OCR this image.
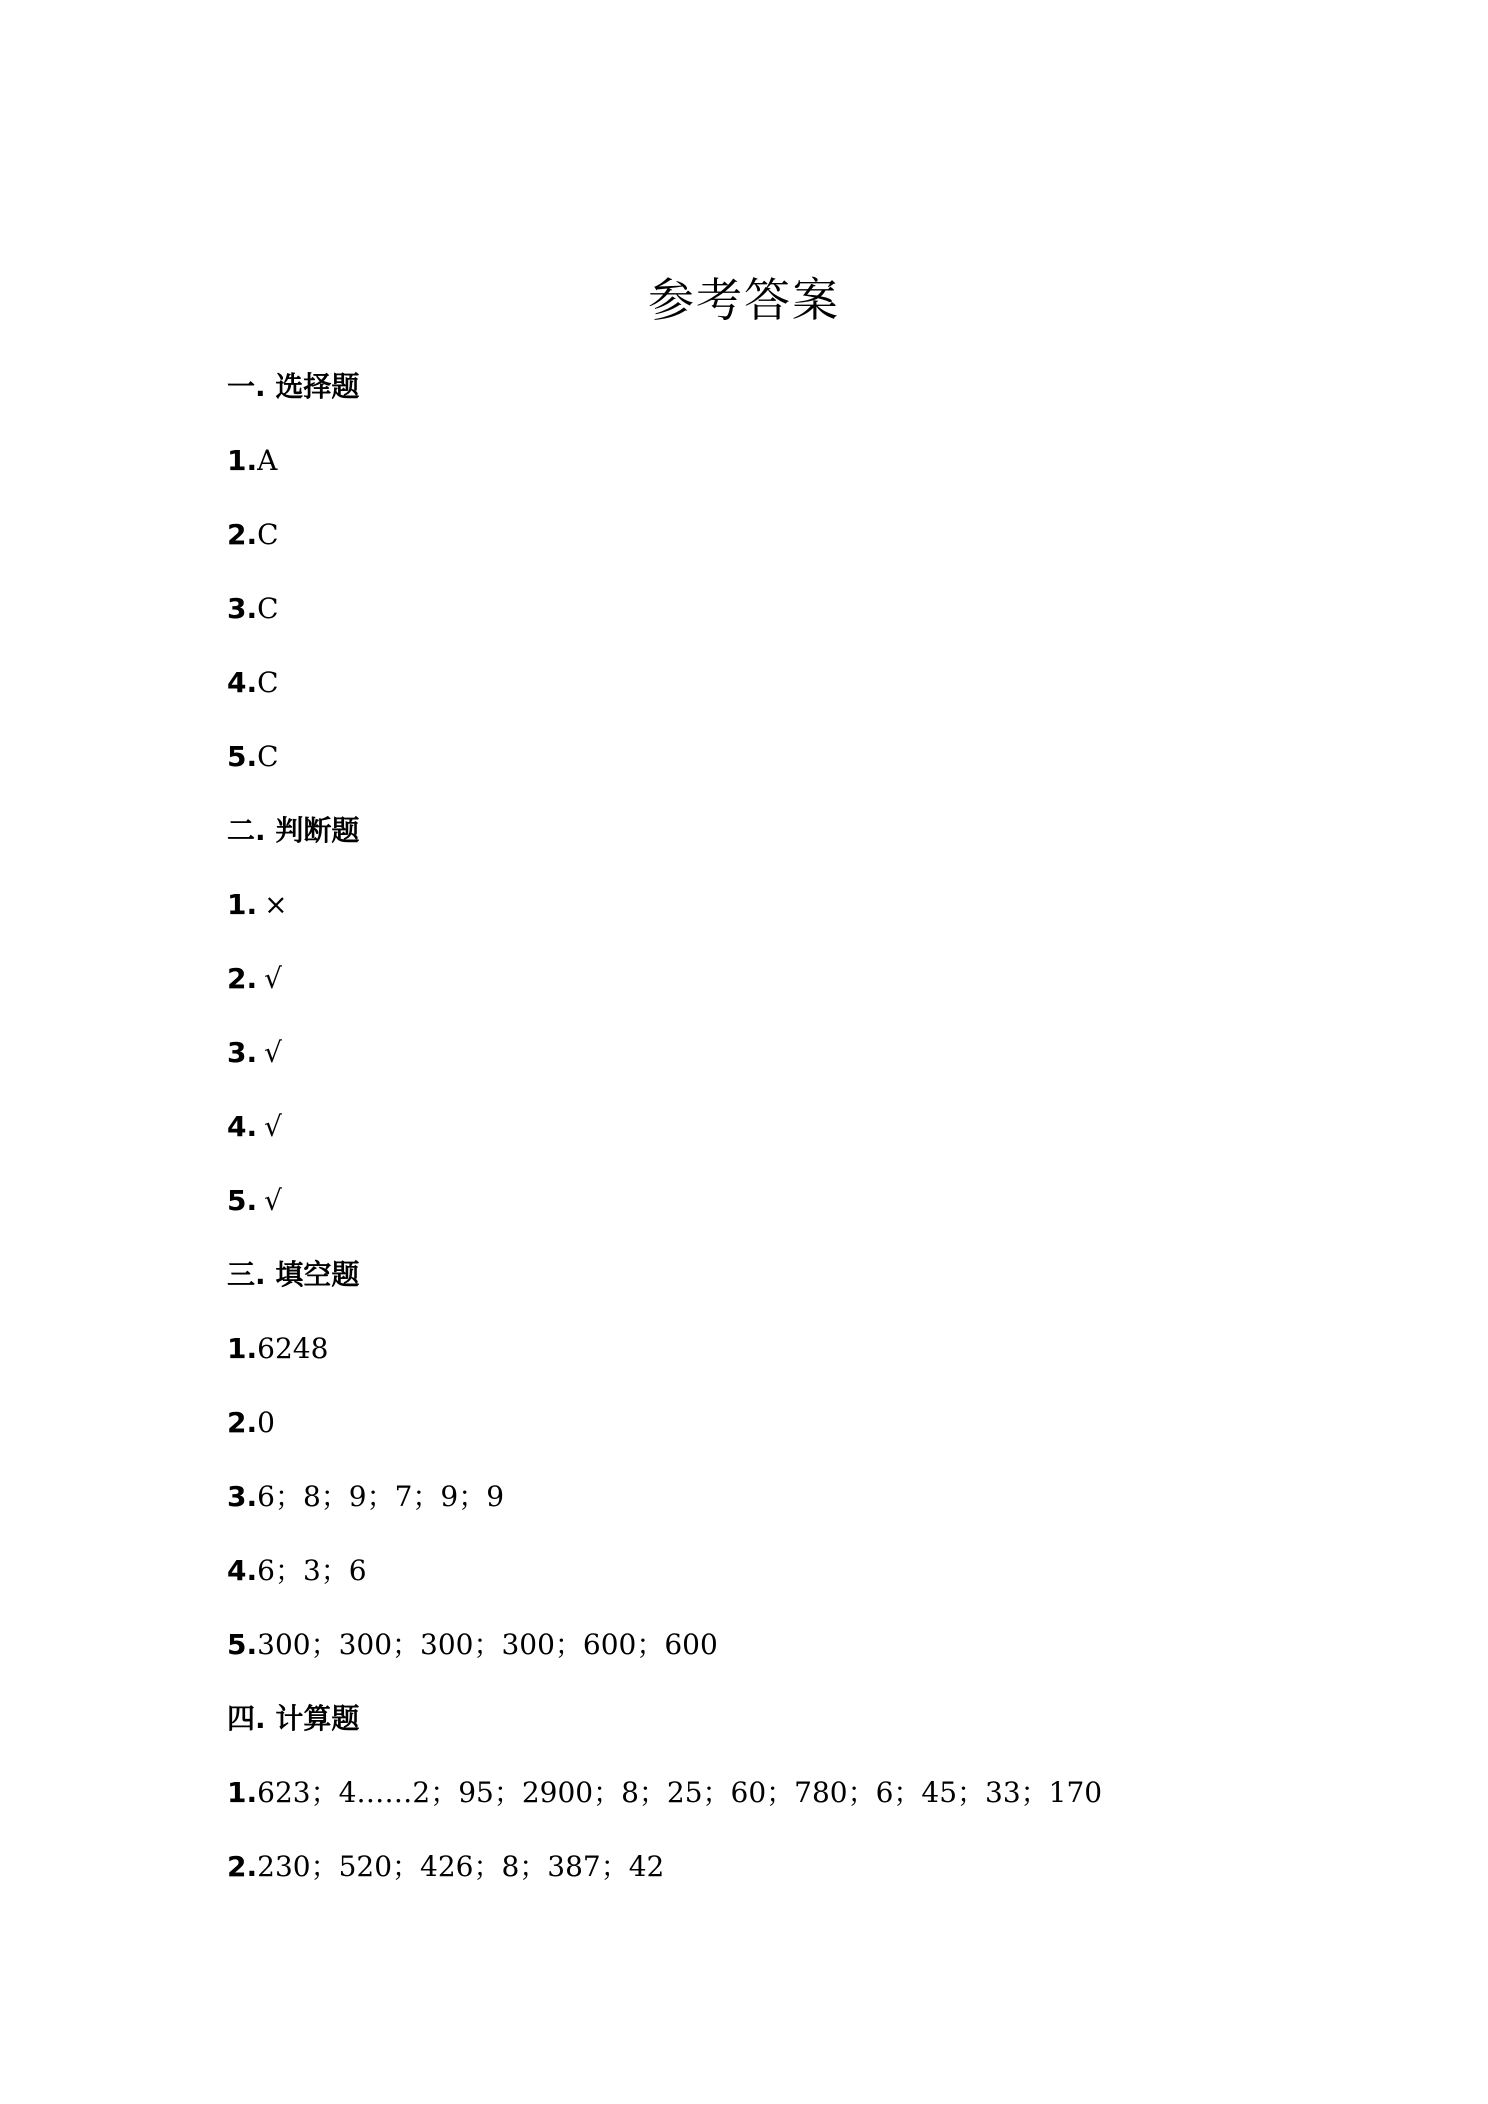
参考答案
一. 选择题
1.A
2.C
3.C
4.C
5.C
二. 判断题
1. ×
2. √
3. √
4. √
5. √
三. 填空题
1.6248
2.0
3.6；8；9；7；9；9
4.6；3；6
5.300；300；300；300；600；600
四. 计算题
1.623；4……2；95；2900；8；25；60；780；6；45；33；170
2.230；520；426；8；387；42
